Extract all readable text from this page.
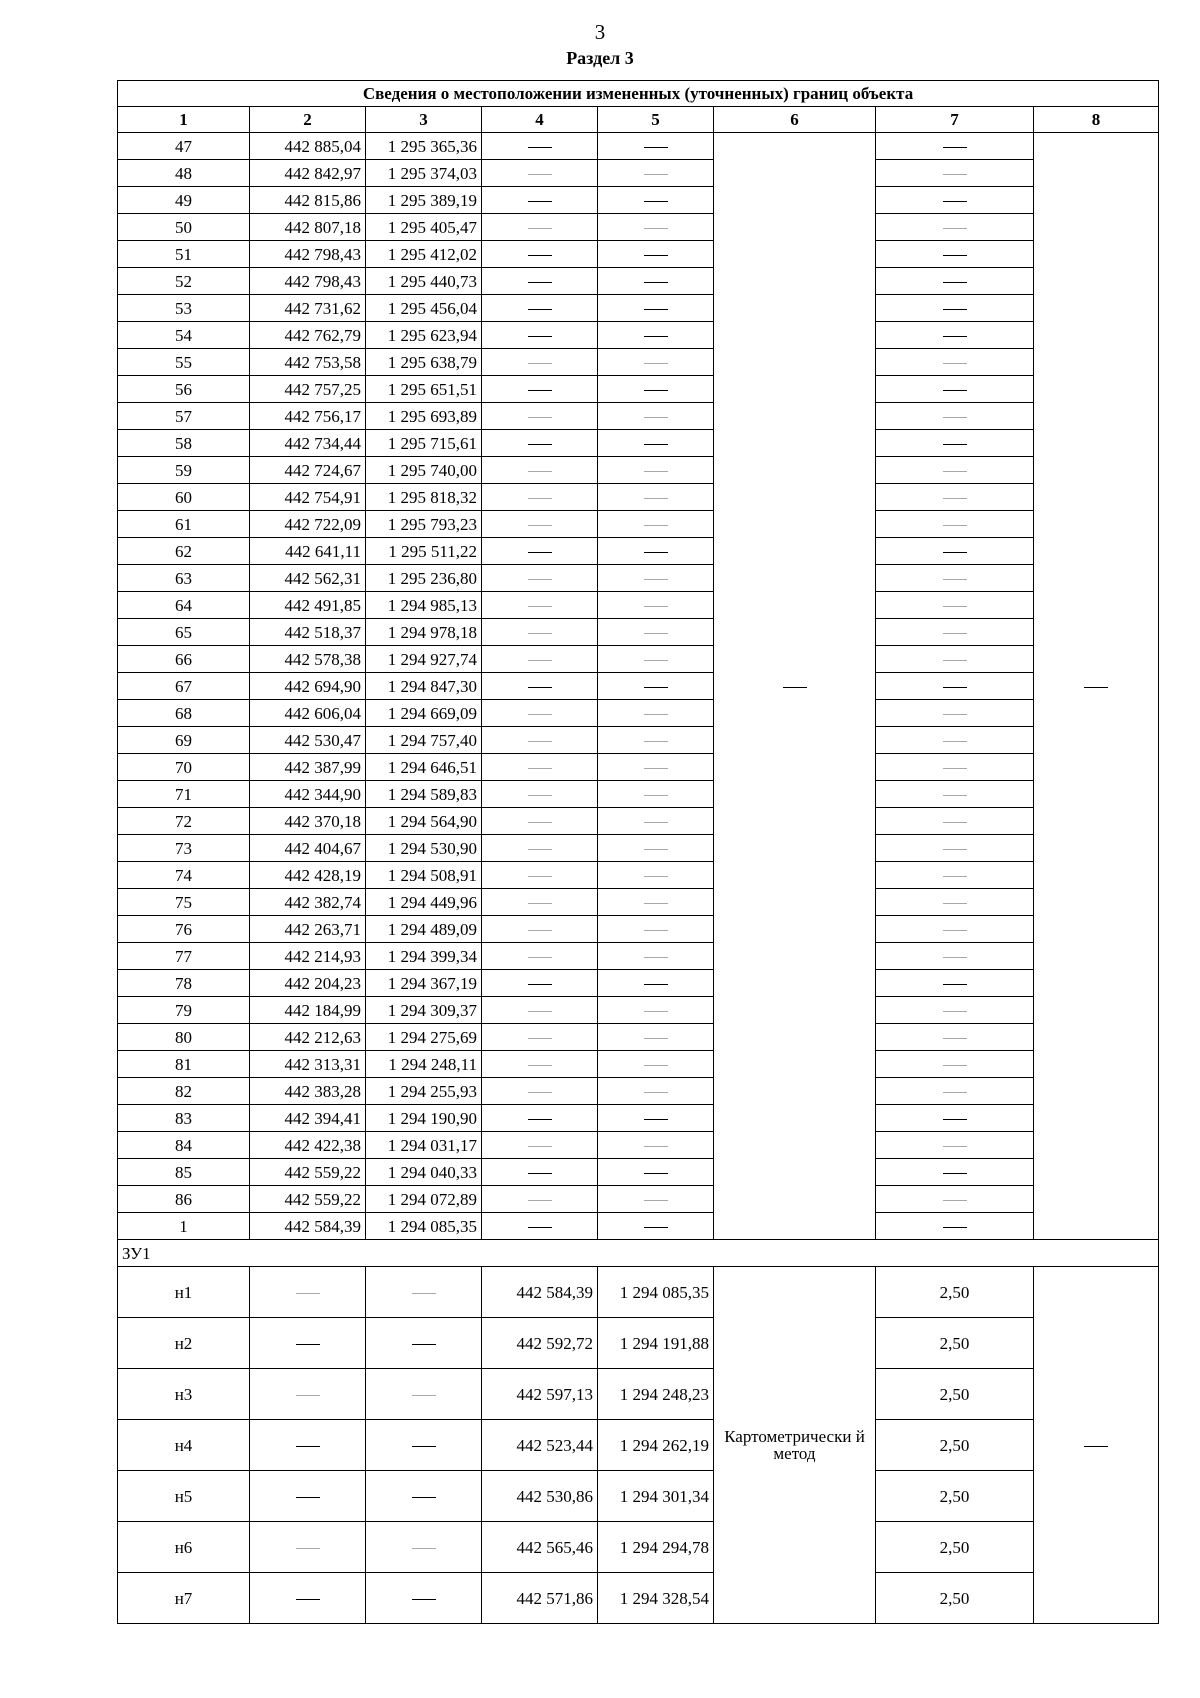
3
Раздел 3
Сведения о местоположении измененных (уточненных) границ объекта							
1	2	3	4	5	6	7	8
47	442 885,04	1 295 365,36					
48	442 842,97	1 295 374,03					
49	442 815,86	1 295 389,19					
50	442 807,18	1 295 405,47					
51	442 798,43	1 295 412,02					
52	442 798,43	1 295 440,73					
53	442 731,62	1 295 456,04					
54	442 762,79	1 295 623,94					
55	442 753,58	1 295 638,79					
56	442 757,25	1 295 651,51					
57	442 756,17	1 295 693,89					
58	442 734,44	1 295 715,61					
59	442 724,67	1 295 740,00					
60	442 754,91	1 295 818,32					
61	442 722,09	1 295 793,23					
62	442 641,11	1 295 511,22					
63	442 562,31	1 295 236,80					
64	442 491,85	1 294 985,13					
65	442 518,37	1 294 978,18					
66	442 578,38	1 294 927,74					
67	442 694,90	1 294 847,30					
68	442 606,04	1 294 669,09					
69	442 530,47	1 294 757,40					
70	442 387,99	1 294 646,51					
71	442 344,90	1 294 589,83					
72	442 370,18	1 294 564,90					
73	442 404,67	1 294 530,90					
74	442 428,19	1 294 508,91					
75	442 382,74	1 294 449,96					
76	442 263,71	1 294 489,09					
77	442 214,93	1 294 399,34					
78	442 204,23	1 294 367,19					
79	442 184,99	1 294 309,37					
80	442 212,63	1 294 275,69					
81	442 313,31	1 294 248,11					
82	442 383,28	1 294 255,93					
83	442 394,41	1 294 190,90					
84	442 422,38	1 294 031,17					
85	442 559,22	1 294 040,33					
86	442 559,22	1 294 072,89					
1	442 584,39	1 294 085,35					
ЗУ1							
н1			442 584,39	1 294 085,35	Картометрически й метод	2,50	
н2			442 592,72	1 294 191,88		2,50	
н3			442 597,13	1 294 248,23		2,50	
н4			442 523,44	1 294 262,19		2,50	
н5			442 530,86	1 294 301,34		2,50	
н6			442 565,46	1 294 294,78		2,50	
н7			442 571,86	1 294 328,54		2,50	
